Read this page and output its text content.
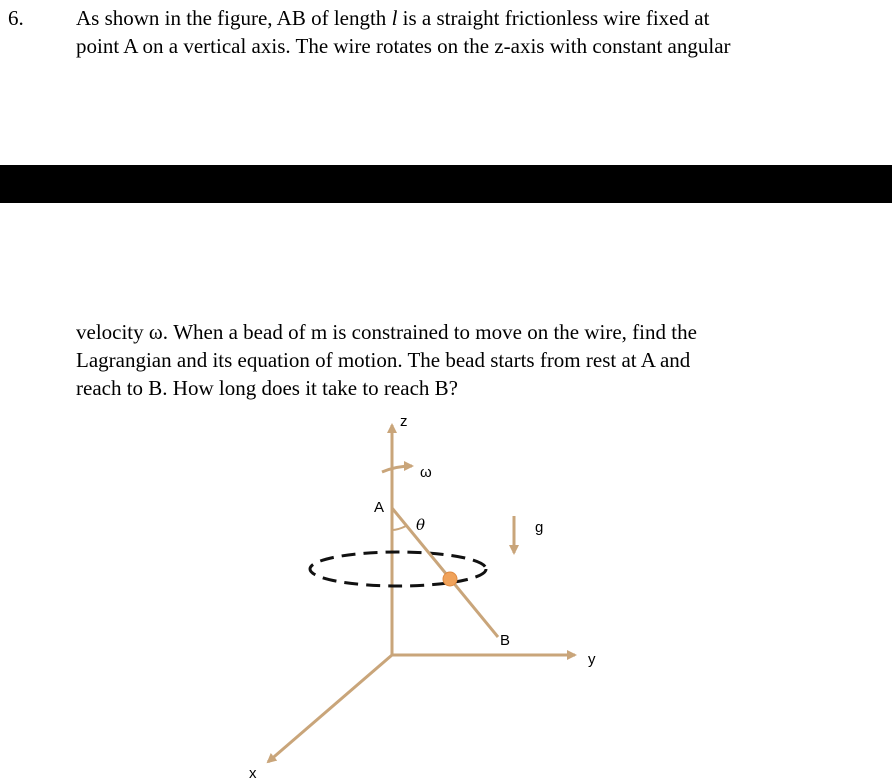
6. As shown in the figure, AB of length l is a straight frictionless wire fixed at
point A on a vertical axis. The wire rotates on the z-axis with constant angular
velocity ω. When a bead of m is constrained to move on the wire, find the
Lagrangian and its equation of motion. The bead starts from rest at A and
reach to B. How long does it take to reach B?
z
ω
A
θ	g
B
y
x
